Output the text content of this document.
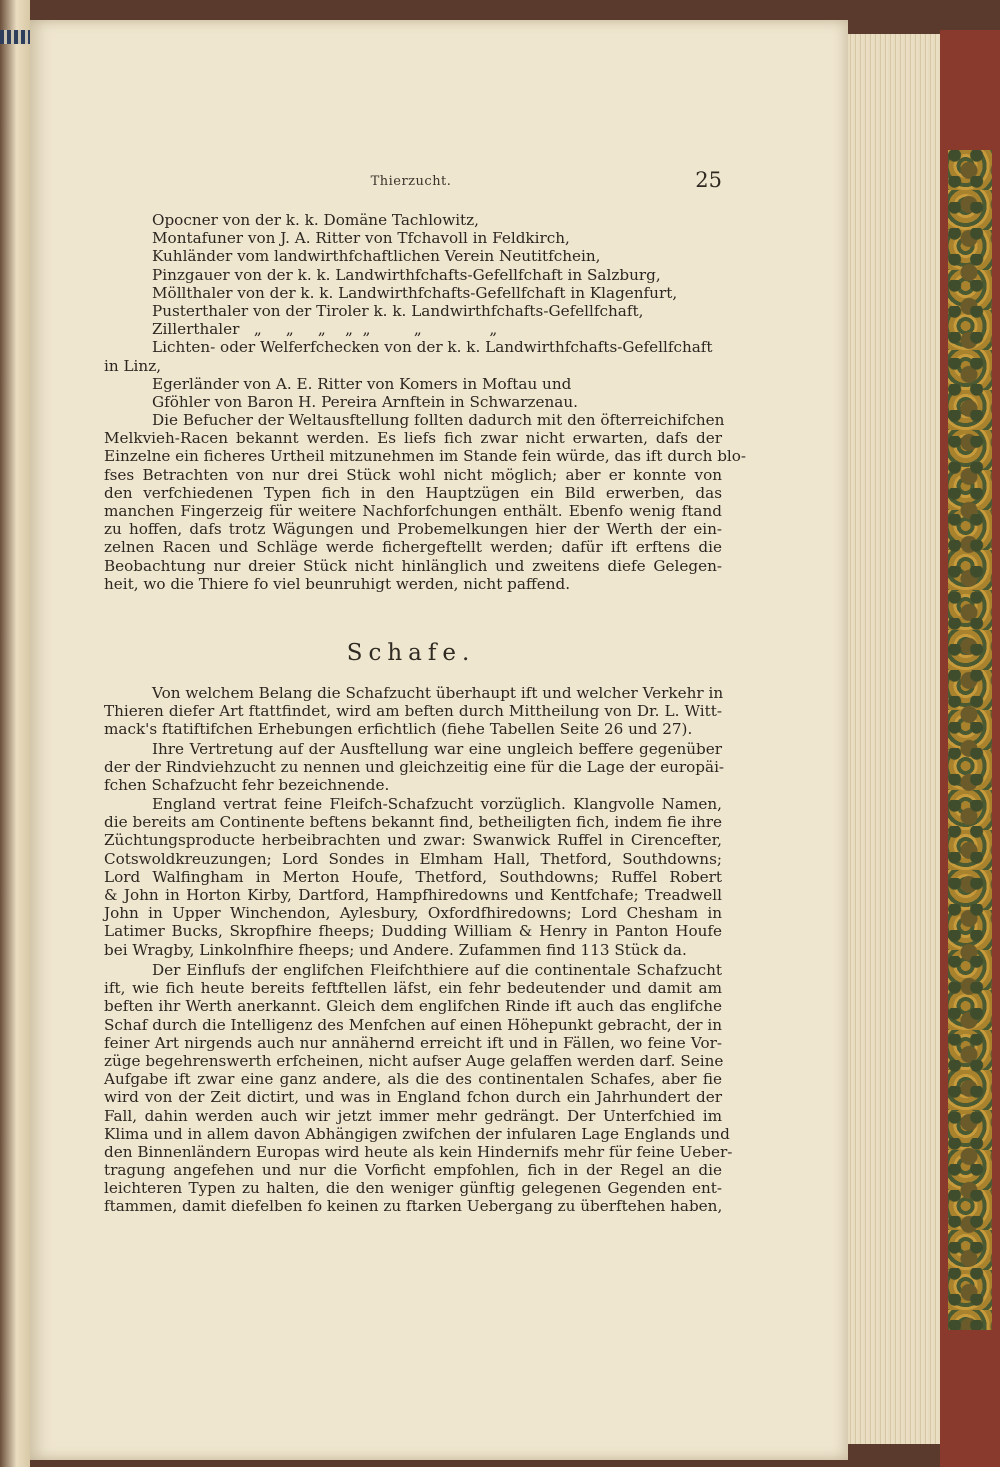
Thierzucht.	25
Opocner von der k. k. Domäne Tachlowitz,
Montafuner von J. A. Ritter von Tfchavoll in Feldkirch,
Kuhländer vom landwirthfchaftlichen Verein Neutitfchein,
Pinzgauer von der k. k. Landwirthfchafts-Gefellfchaft in Salzburg,
Möllthaler von der k. k. Landwirthfchafts-Gefellfchaft in Klagenfurt,
Pusterthaler von der Tiroler k. k. Landwirthfchafts-Gefellfchaft,
Zillerthaler   „     „     „    „  „         „              „
Lichten- oder Welferfchecken von der k. k. Landwirthfchafts-Gefellfchaft
in Linz,
Egerländer von A. E. Ritter von Komers in Moftau und
Gföhler von Baron H. Pereira Arnftein in Schwarzenau.
Die Befucher der Weltausftellung follten dadurch mit den öfterreichifchen
Melkvieh-Racen bekannt werden. Es liefs fich zwar nicht erwarten, dafs der
Einzelne ein ficheres Urtheil mitzunehmen im Stande fein würde, das ift durch blo-
fses Betrachten von nur drei Stück wohl nicht möglich; aber er konnte von
den verfchiedenen Typen fich in den Hauptzügen ein Bild erwerben, das
manchen Fingerzeig für weitere Nachforfchungen enthält. Ebenfo wenig ftand
zu hoffen, dafs trotz Wägungen und Probemelkungen hier der Werth der ein-
zelnen Racen und Schläge werde fichergeftellt werden; dafür ift erftens die
Beobachtung nur dreier Stück nicht hinlänglich und zweitens diefe Gelegen-
heit, wo die Thiere fo viel beunruhigt werden, nicht paffend.
Schafe.
Von welchem Belang die Schafzucht überhaupt ift und welcher Verkehr in
Thieren diefer Art ftattfindet, wird am beften durch Mittheilung von Dr. L. Witt-
mack's ftatiftifchen Erhebungen erfichtlich (fiehe Tabellen Seite 26 und 27).
Ihre Vertretung auf der Ausftellung war eine ungleich beffere gegenüber
der der Rindviehzucht zu nennen und gleichzeitig eine für die Lage der europäi-
fchen Schafzucht fehr bezeichnende.
England vertrat feine Fleifch-Schafzucht vorzüglich. Klangvolle Namen,
die bereits am Continente beftens bekannt find, betheiligten fich, indem fie ihre
Züchtungsproducte herbeibrachten und zwar: Swanwick Ruffel in Cirencefter,
Cotswoldkreuzungen; Lord Sondes in Elmham Hall, Thetford, Southdowns;
Lord Walfingham in Merton Houfe, Thetford, Southdowns; Ruffel Robert
& John in Horton Kirby, Dartford, Hampfhiredowns und Kentfchafe; Treadwell
John in Upper Winchendon, Aylesbury, Oxfordfhiredowns; Lord Chesham in
Latimer Bucks, Skropfhire fheeps; Dudding William & Henry in Panton Houfe
bei Wragby, Linkolnfhire fheeps; und Andere. Zufammen find 113 Stück da.
Der Einflufs der englifchen Fleifchthiere auf die continentale Schafzucht
ift, wie fich heute bereits feftftellen läfst, ein fehr bedeutender und damit am
beften ihr Werth anerkannt. Gleich dem englifchen Rinde ift auch das englifche
Schaf durch die Intelligenz des Menfchen auf einen Höhepunkt gebracht, der in
feiner Art nirgends auch nur annähernd erreicht ift und in Fällen, wo feine Vor-
züge begehrenswerth erfcheinen, nicht aufser Auge gelaffen werden darf. Seine
Aufgabe ift zwar eine ganz andere, als die des continentalen Schafes, aber fie
wird von der Zeit dictirt, und was in England fchon durch ein Jahrhundert der
Fall, dahin werden auch wir jetzt immer mehr gedrängt. Der Unterfchied im
Klima und in allem davon Abhängigen zwifchen der infularen Lage Englands und
den Binnenländern Europas wird heute als kein Hindernifs mehr für feine Ueber-
tragung angefehen und nur die Vorficht empfohlen, fich in der Regel an die
leichteren Typen zu halten, die den weniger günftig gelegenen Gegenden ent-
ftammen, damit diefelben fo keinen zu ftarken Uebergang zu überftehen haben,
